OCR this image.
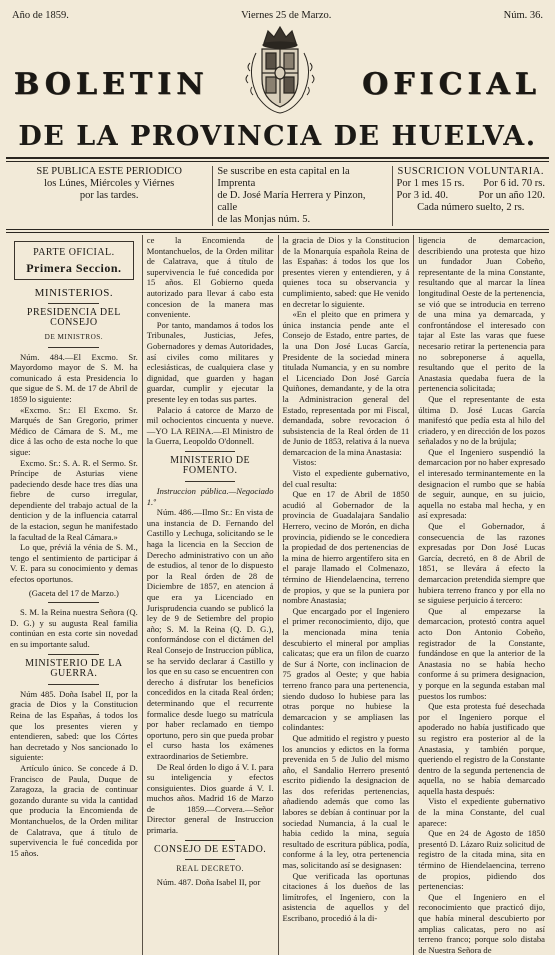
Año de 1859.	Viernes 25 de Marzo.	Núm. 36.
BOLETIN	OFICIAL
DE LA PROVINCIA DE HUELVA.
SE PUBLICA ESTE PERIODICO
los Lúnes, Miércoles y Viérnes
por las tardes.
Se suscribe en esta capital en la Imprenta
de D. José María Herrera y Pinzon, calle
de las Monjas núm. 5.
SUSCRICION VOLUNTARIA.
Por 1 mes 15 rs. Por 6 id. 70 rs.
Por 3 id. 40.	Por un año 120.
Cada número suelto, 2 rs.
PARTE OFICIAL.
Primera Seccion.
MINISTERIOS.
PRESIDENCIA DEL CONSEJO
DE MINISTROS.

Núm. 484.—El Excmo. Sr. Mayordomo mayor de S. M. ha comunicado á esta Presidencia lo que sigue de S. M. de 17 de Abril de 1859 lo siguiente:

«Excmo. Sr.: El Excmo. Sr. Marqués de San Gregorio, primer Médico de Cámara de S. M., me dice á las ocho de esta noche lo que sigue:

Excmo. Sr.: S. A. R. el Sermo. Sr. Príncipe de Asturias viene padeciendo desde hace tres días una fiebre de curso irregular, dependiente del trabajo actual de la denticion y de la influencia catarral de la estacion, segun he manifestado la facultad de la Real Cámara.»

Lo que, préviá la vénia de S. M., tengo el sentimiento de participar á V. E. para su conocimiento y demas efectos oportunos.

(Gaceta del 17 de Marzo.)

S. M. la Reina nuestra Señora (Q. D. G.) y su augusta Real familia continúan en esta corte sin novedad en su importante salud.

MINISTERIO DE LA GUERRA.

Núm 485. Doña Isabel II, por la gracia de Dios y la Constitucion Reina de las Españas, á todos los que los presentes vieren y entendieren, sabed: que los Córtes han decretado y Nos sancionado lo siguiente:

Artículo único. Se concede á D. Francisco de Paula, Duque de Zaragoza, la gracia de continuar gozando durante su vida la cantidad que producia la Encomienda de Montanchuelos, de la Orden militar de Calatrava, que á título de supervivencia le fué concedida por 15 años.

ce la Encomienda de Montanchuelos, de la Orden militar de Calatrava, que á título de supervivencia le fué concedida por 15 años. El Gobierno queda autorizado para llevar á cabo esta concesion de la manera mas conveniente.

Por tanto, mandamos á todos los Tribunales, Justicias, Jefes, Gobernadores y demas Autoridades, así civiles como militares y eclesiásticas, de cualquiera clase y dignidad, que guarden y hagan guardar, cumplir y ejecutar la presente ley en todas sus partes.

Palacio á catorce de Marzo de mil ochocientos cincuenta y nueve.—YO LA REINA.—El Ministro de la Guerra, Leopoldo O'donnell.

MINISTERIO DE FOMENTO.

Instruccion pública.—Negociado 1.º

Núm. 486.—Ilmo Sr.: En vista de una instancia de D. Fernando del Castillo y Lechuga, solicitando se le haga la licencia en la Seccion de Derecho administrativo con un año de estudios, al tenor de lo dispuesto por la Real órden de 28 de Diciembre de 1857, en atencion á que era ya Licenciado en Jurisprudencia cuando se publicó la ley de 9 de Setiembre del propio año; S. M. la Reina (Q. D. G.), conformándose con el dictámen del Real Consejo de Instruccion pública, se ha servido declarar á Castillo y los que en su caso se encuentren con derecho á disfrutar los beneficios concedidos en la citada Real órden; determinando que el recurrente formalice desde luego su matrícula por haber reclamado en tiempo oportuno, pero sin que pueda probar el curso hasta los exámenes extraordinarios de Setiembre.

De Real órden lo digo á V. I. para su inteligencia y efectos consiguientes. Dios guarde á V. I. muchos años. Madrid 16 de Marzo de 1859.—Corvera.—Señor Director general de Instruccion primaria.

CONSEJO DE ESTADO.
REAL DECRETO.

Núm. 487. Doña Isabel II, por

la gracia de Dios y la Constitucion de la Monarquía española Reina de las Españas: á todos los que los presentes vieren y entendieren, y á quienes toca su observancia y cumplimiento, sabed: que He venido en decretar lo siguiente.

«En el pleito que en primera y única instancia pende ante el Consejo de Estado, entre partes, de la una Don José Lucas García, Presidente de la sociedad minera titulada Numancia, y en su nombre el Licenciado Don José García Quiñones, demandante, y de la otra la Administracion general del Estado, representada por mi Fiscal, demandada, sobre revocacion ó subsistencia de la Real órden de 11 de Junio de 1853, relativa á la nueva demarcacion de la mina Anastasia:

Vistos:

Visto el expediente gubernativo, del cual resulta:

Que en 17 de Abril de 1850 acudió al Gobernador de la provincia de Guadalajara Sandalio Herrero, vecino de Morón, en dicha provincia, pidiendo se le concediera la propiedad de dos pertenencias de la mina de hierro argentífero sita en el paraje llamado el Colmenazo, término de Hiendelaencina, terreno de propios, y que se la puniera por nombre Anastasia;

Que encargado por el Ingeniero el primer reconocimiento, dijo, que la mencionada mina tenia descubierto el mineral por amplias calicatas; que era un filon de cuarzo de Sur á Norte, con inclinacion de 75 grados al Oeste; y que habia terreno franco para una pertenencia, siendo dudoso lo hubiese para las otras porque no hubiese la demarcacion y se ampliasen las colindantes:

Que admitido el registro y puesto los anuncios y edictos en la forma prevenida en 5 de Julio del mismo año, el Sandalio Herrero presentó escrito pidiendo la designacion de las dos referidas pertenencias, añadiendo además que como las labores se debían á continuar por la sociedad Numancia, á la cual le habia cedido la mina, seguía resultado de escritura pública, podía, conforme á la ley, otra pertenencia mas, solicitando así se designasen:

Que verificada las oportunas citaciones á los dueños de las limítrofes, el Ingeniero, con la asistencia de aquellos y del Escribano, procedió á la di-

ligencia de demarcacion, describiendo una protesta que hizo un fundador Juan Cobeño, representante de la mina Constante, resultando que al marcar la línea longitudinal Oeste de la pertenencia, se vió que se introducia en terreno de una mina ya demarcada, y confrontándose el interesado con tajar al Este las varas que fuese necesario retirar la pertenencia para no sobreponerse á aquella, resultando que el perito de la Anastasia quedaba fuera de la pertenencia solicitada;

Que el representante de esta última D. José Lucas García manifestó que pedía esta al hilo del criadero, y en dirección de los pozos señalados y no de la brújula;

Que el Ingeniero suspendió la demarcacion por no haber expresado el interesado terminantemente en la designacion el rumbo que se había de seguir, aunque, en su juicio, aquella no estaba mal hecha, y en así expresada:

Que el Gobernador, á consecuencia de las razones expresadas por Don José Lucas García, decretó, en 8 de Abril de 1851, se llevára á efecto la demarcacion pretendida siempre que hubiera terreno franco y por ella no se siguiese perjuicio á tercero:

Que al empezarse la demarcacion, protestó contra aquel acto Don Antonio Cobeño, registrador de la Constante, fundándose en que la anterior de la Anastasia no se había hecho conforme á su primera designacion, y porque en la segunda estaban mal puestos los rumbos:

Que esta protesta fué desechada por el Ingeniero porque el apoderado no había justificado que su registro era posterior al de la Anastasia, y también porque, queriendo el registro de la Constante dentro de la segunda pertenencia de aquella, no se había demarcado aquella hasta después:

Visto el expediente gubernativo de la mina Constante, del cual aparece:

Que en 24 de Agosto de 1850 presentó D. Lázaro Ruiz solicitud de registro de la citada mina, sita en término de Hiendelaencina, terreno de propios, pidiendo dos pertenencias:

Que el Ingeniero en el reconocimiento que practicó dijo, que había mineral descubierto por amplias calicatas, pero no así terreno franco; porque solo distaba de Nuestra Señora de
